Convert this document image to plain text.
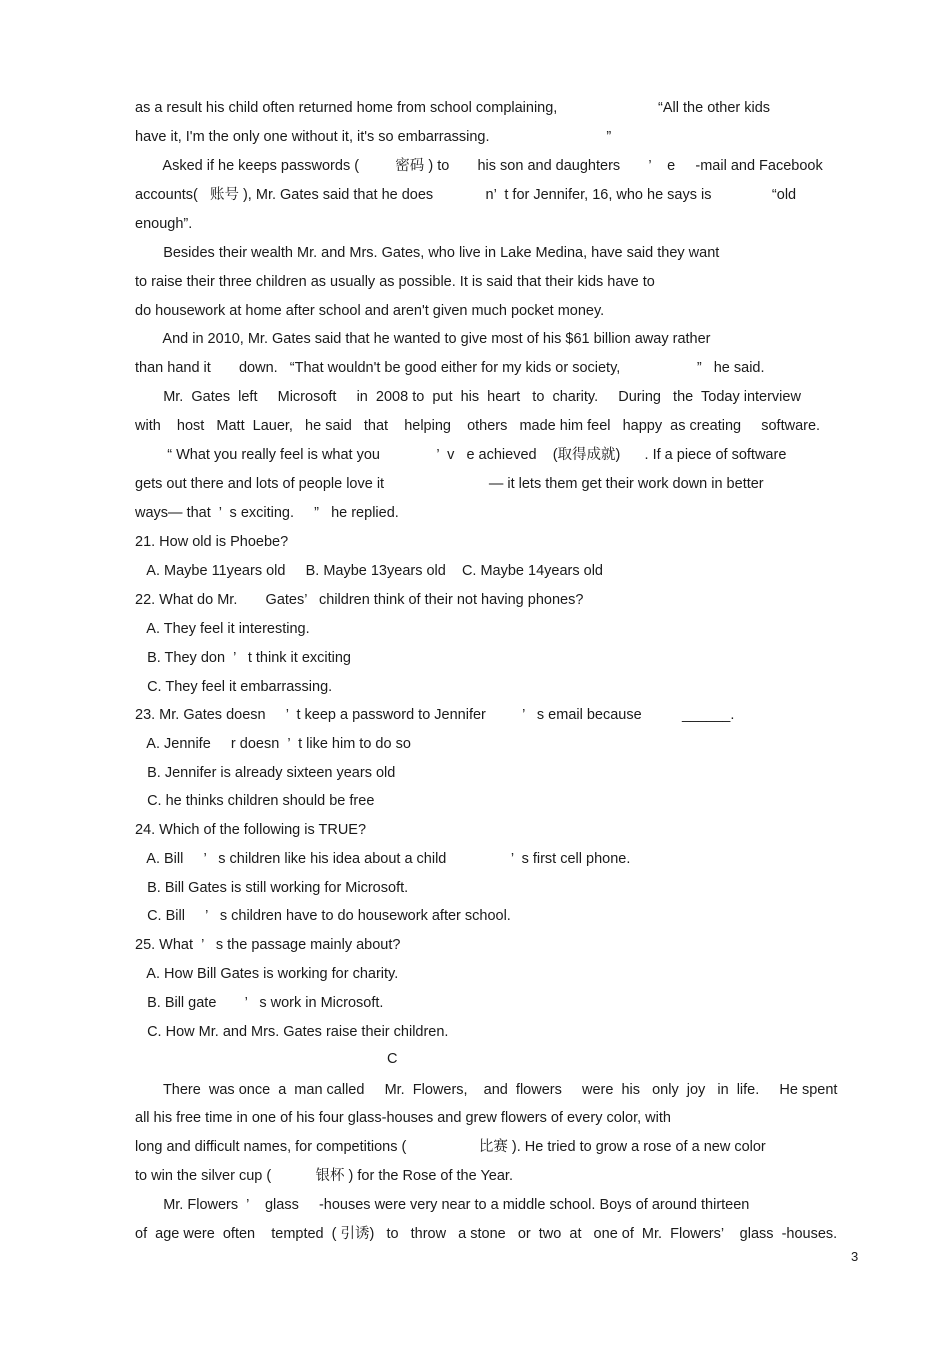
as a result his child often returned home from school complaining,                         “All the other kids
have it, I'm the only one without it, it's so embarrassing.                             ”
Asked if he keeps passwords (         密码 ) to       his son and daughters       ’    e     -mail and Facebook
accounts(   账号 ), Mr. Gates said that he does             n’  t for Jennifer, 16, who he says is               “old
enough”.
Besides their wealth Mr. and Mrs. Gates, who live in Lake Medina, have said they want
to raise their three children as usually as possible. It is said that their kids have to
do housework at home after school and aren't given much pocket money.
And in 2010, Mr. Gates said that he wanted to give most of his $61 billion away rather
than hand it       down.   “That wouldn't be good either for my kids or society,                   ”   he said.
Mr.  Gates  left     Microsoft     in  2008 to  put  his  heart   to  charity.     During   the  Today interview
with    host   Matt  Lauer,   he said   that    helping    others   made him feel   happy  as creating     software.
“ What you really feel is what you              ’  v   e achieved    (取得成就)      . If a piece of software
gets out there and lots of people love it                          — it lets them get their work down in better
ways— that  ’  s exciting.     ”   he replied.
21. How old is Phoebe?
A. Maybe 11years old     B. Maybe 13years old    C. Maybe 14years old
22. What do Mr.       Gates’   children think of their not having phones?
A. They feel it interesting.
B. They don  ’   t think it exciting
C. They feel it embarrassing.
23. Mr. Gates doesn     ’  t keep a password to Jennifer         ’   s email because          ______.
A. Jennife     r doesn  ’  t like him to do so
B. Jennifer is already sixteen years old
C. he thinks children should be free
24. Which of the following is TRUE?
A. Bill     ’   s children like his idea about a child                ’  s first cell phone.
B. Bill Gates is still working for Microsoft.
C. Bill     ’   s children have to do housework after school.
25. What  ’   s the passage mainly about?
A. How Bill Gates is working for charity.
B. Bill gate       ’   s work in Microsoft.
C. How Mr. and Mrs. Gates raise their children.
C
There  was once  a  man called     Mr.  Flowers,    and  flowers     were  his   only  joy   in  life.     He spent
all his free time in one of his four glass-houses and grew flowers of every color, with
long and difficult names, for competitions (                  比赛 ). He tried to grow a rose of a new color
to win the silver cup (           银杯 ) for the Rose of the Year.
Mr. Flowers  ’    glass     -houses were very near to a middle school. Boys of around thirteen
of  age were  often    tempted  ( 引诱)   to   throw   a stone   or  two  at   one of  Mr.  Flowers’    glass  -houses.
3
